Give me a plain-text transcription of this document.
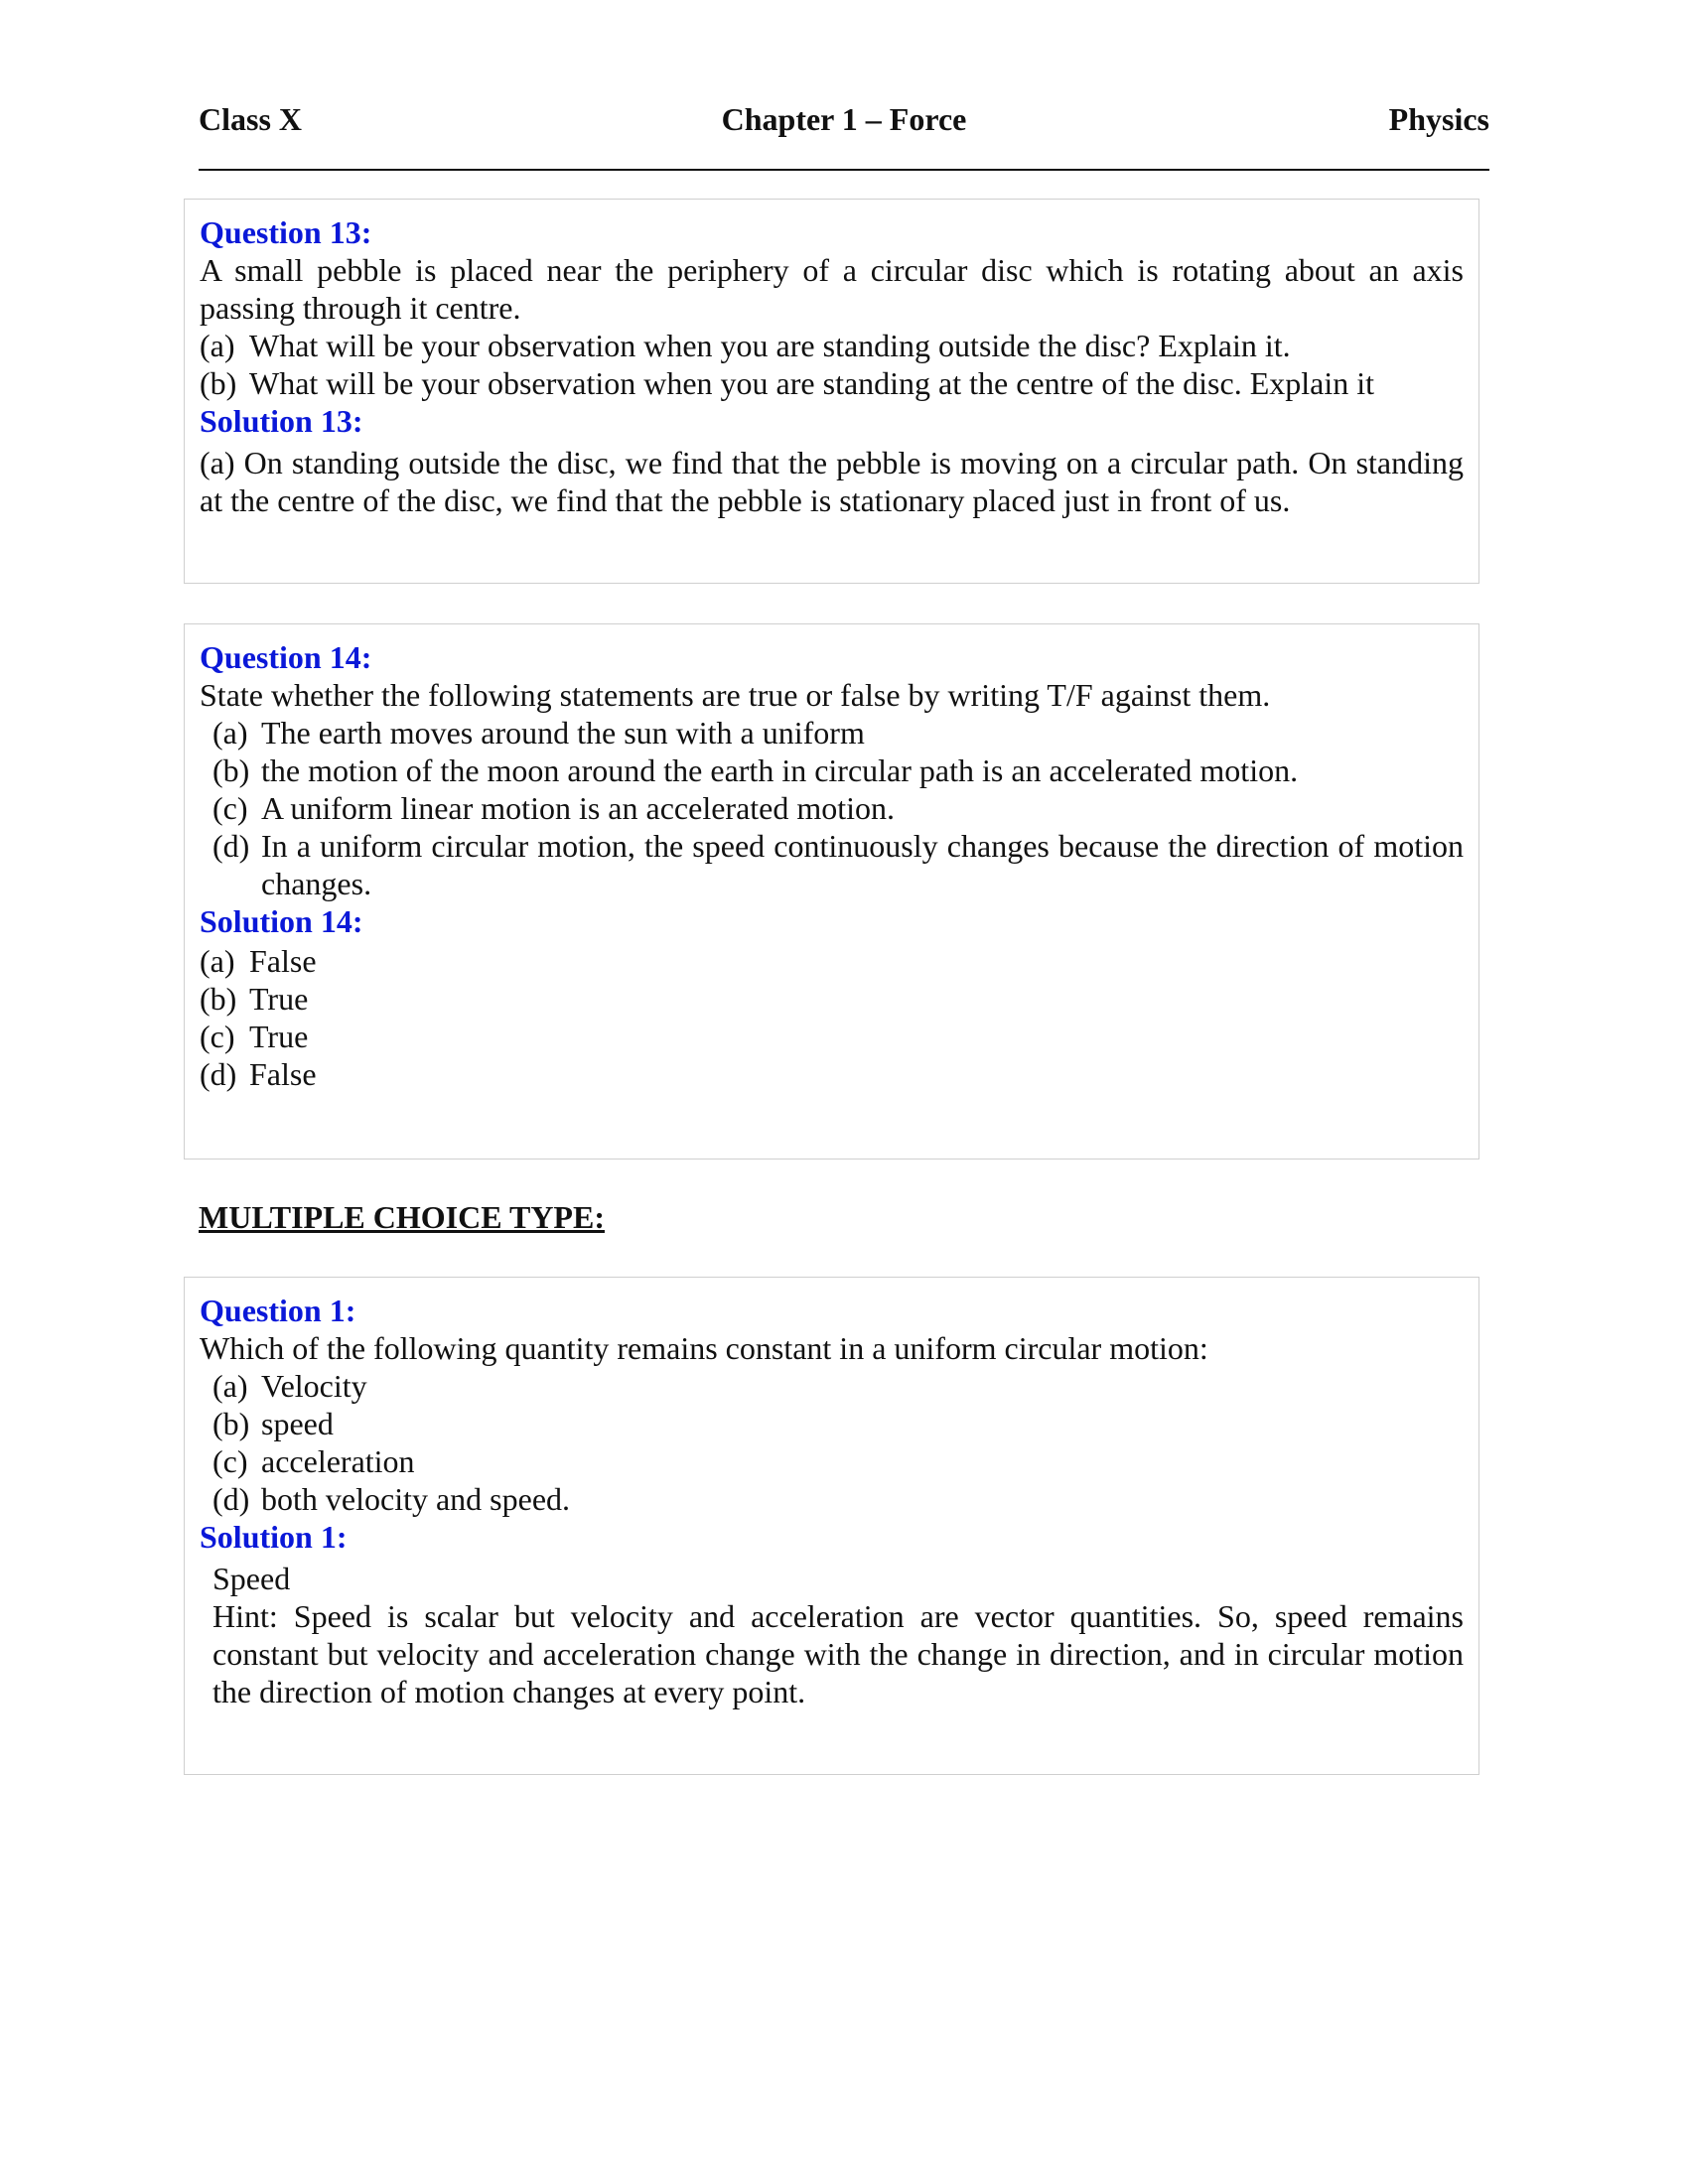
Class X	Chapter 1 – Force	Physics
Question 13:
A small pebble is placed near the periphery of a circular disc which is rotating about an axis passing through it centre.
(a) What will be your observation when you are standing outside the disc? Explain it.
(b) What will be your observation when you are standing at the centre of the disc. Explain it
Solution 13:
(a) On standing outside the disc, we find that the pebble is moving on a circular path. On standing at the centre of the disc, we find that the pebble is stationary placed just in front of us.
Question 14:
State whether the following statements are true or false by writing T/F against them.
(a) The earth moves around the sun with a uniform
(b) the motion of the moon around the earth in circular path is an accelerated motion.
(c) A uniform linear motion is an accelerated motion.
(d) In a uniform circular motion, the speed continuously changes because the direction of motion changes.
Solution 14:
(a) False
(b) True
(c) True
(d) False
MULTIPLE CHOICE TYPE:
Question 1:
Which of the following quantity remains constant in a uniform circular motion:
(a) Velocity
(b) speed
(c) acceleration
(d) both velocity and speed.
Solution 1:
Speed
Hint: Speed is scalar but velocity and acceleration are vector quantities. So, speed remains constant but velocity and acceleration change with the change in direction, and in circular motion the direction of motion changes at every point.
